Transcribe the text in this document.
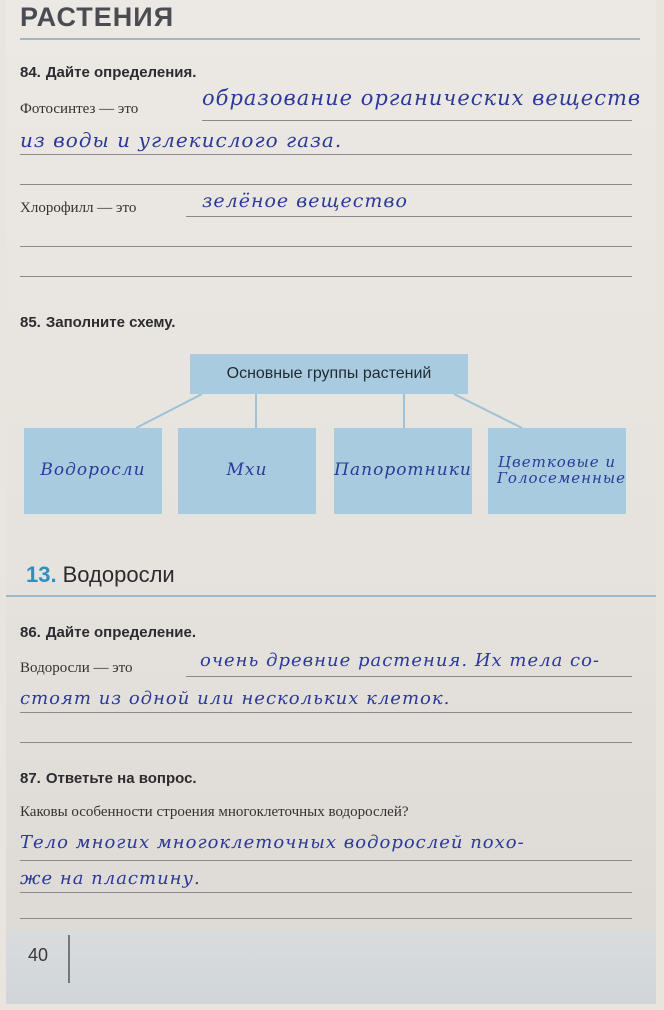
РАСТЕНИЯ
84. Дайте определения.
Фотосинтез — это	образование органических веществ
из воды и углекислого газа.
Хлорофилл — это	зелёное вещество
85. Заполните схему.
Основные группы растений
Водоросли	Мхи	Папоротники Цветковые и Голосеменные
13. Водоросли
86. Дайте определение.
Водоросли — это	очень древние растения. Их тела со-
стоят из одной или нескольких клеток.
87. Ответьте на вопрос.
Каковы особенности строения многоклеточных водорослей?
Тело многих многоклеточных водорослей похо-
же на пластину.
40
